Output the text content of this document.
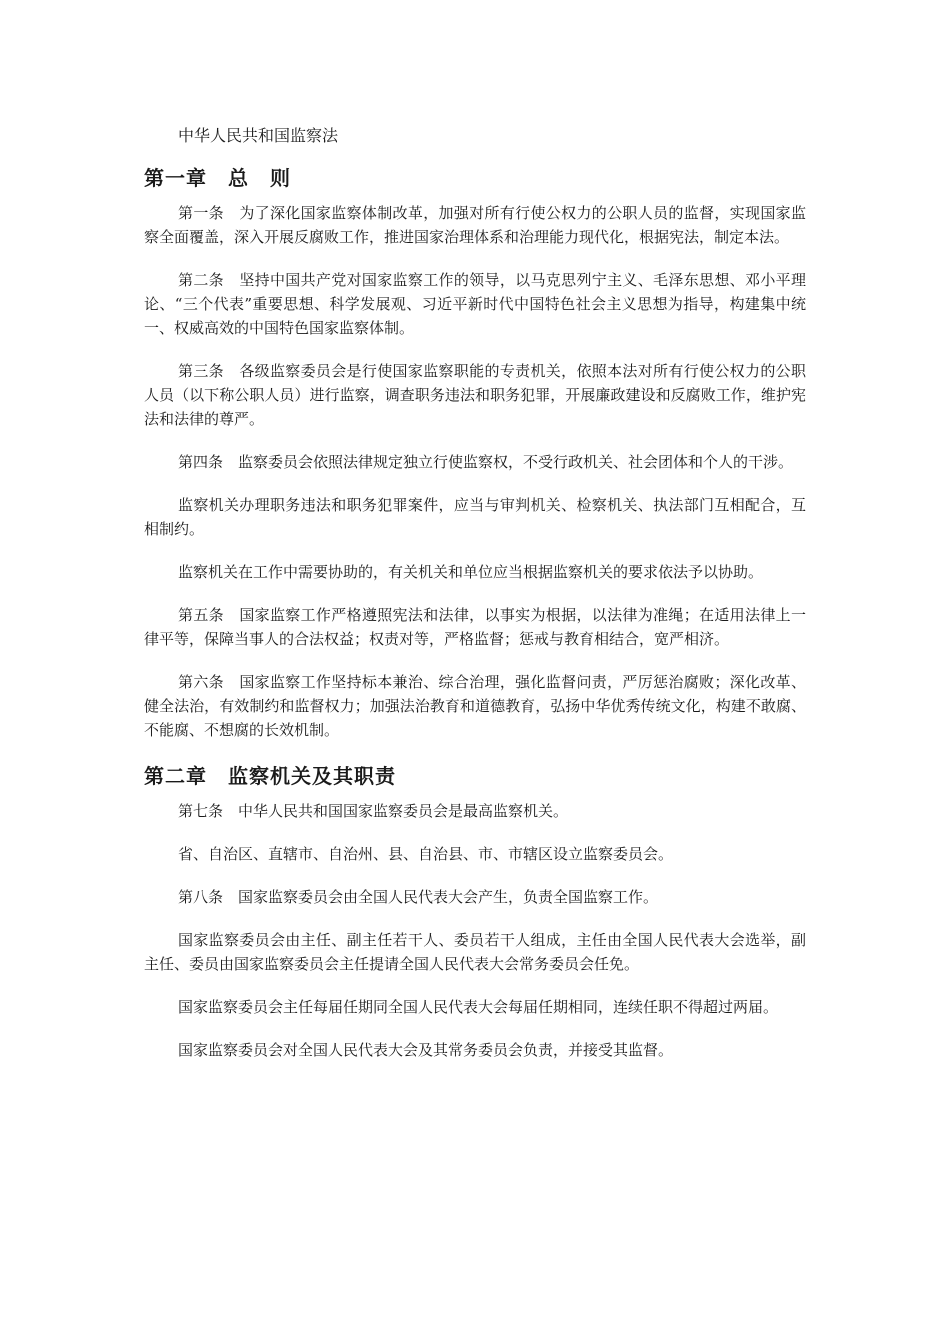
中华人民共和国监察法
第一章　总　则

第一条　 为了深化国家监察体制改革，加强对所有行使公权力的公职人员的监督，实现国家监察全面覆盖，深入开展反腐败工作，推进国家治理体系和治理能力现代化，根据宪法，制定本法。

第二条　 坚持中国共产党对国家监察工作的领导，以马克思列宁主义、毛泽东思想、邓小平理论、“三个代表”重要思想、科学发展观、习近平新时代中国特色社会主义思想为指导，构建集中统一、权威高效的中国特色国家监察体制。

第三条　 各级监察委员会是行使国家监察职能的专责机关，依照本法对所有行使公权力的公职人员（以下称公职人员）进行监察，调查职务违法和职务犯罪，开展廉政建设和反腐败工作，维护宪法和法律的尊严。

第四条　 监察委员会依照法律规定独立行使监察权，不受行政机关、社会团体和个人的干涉。

监察机关办理职务违法和职务犯罪案件，应当与审判机关、检察机关、执法部门互相配合，互相制约。

监察机关在工作中需要协助的，有关机关和单位应当根据监察机关的要求依法予以协助。

第五条　 国家监察工作严格遵照宪法和法律，以事实为根据，以法律为准绳；在适用法律上一律平等，保障当事人的合法权益；权责对等，严格监督；惩戒与教育相结合，宽严相济。

第六条　 国家监察工作坚持标本兼治、综合治理，强化监督问责，严厉惩治腐败；深化改革、健全法治，有效制约和监督权力；加强法治教育和道德教育，弘扬中华优秀传统文化，构建不敢腐、不能腐、不想腐的长效机制。

第二章　监察机关及其职责

第七条　 中华人民共和国国家监察委员会是最高监察机关。

省、自治区、直辖市、自治州、县、自治县、市、市辖区设立监察委员会。

第八条　 国家监察委员会由全国人民代表大会产生，负责全国监察工作。

国家监察委员会由主任、副主任若干人、委员若干人组成，主任由全国人民代表大会选举，副主任、委员由国家监察委员会主任提请全国人民代表大会常务委员会任免。

国家监察委员会主任每届任期同全国人民代表大会每届任期相同，连续任职不得超过两届。

国家监察委员会对全国人民代表大会及其常务委员会负责，并接受其监督。
